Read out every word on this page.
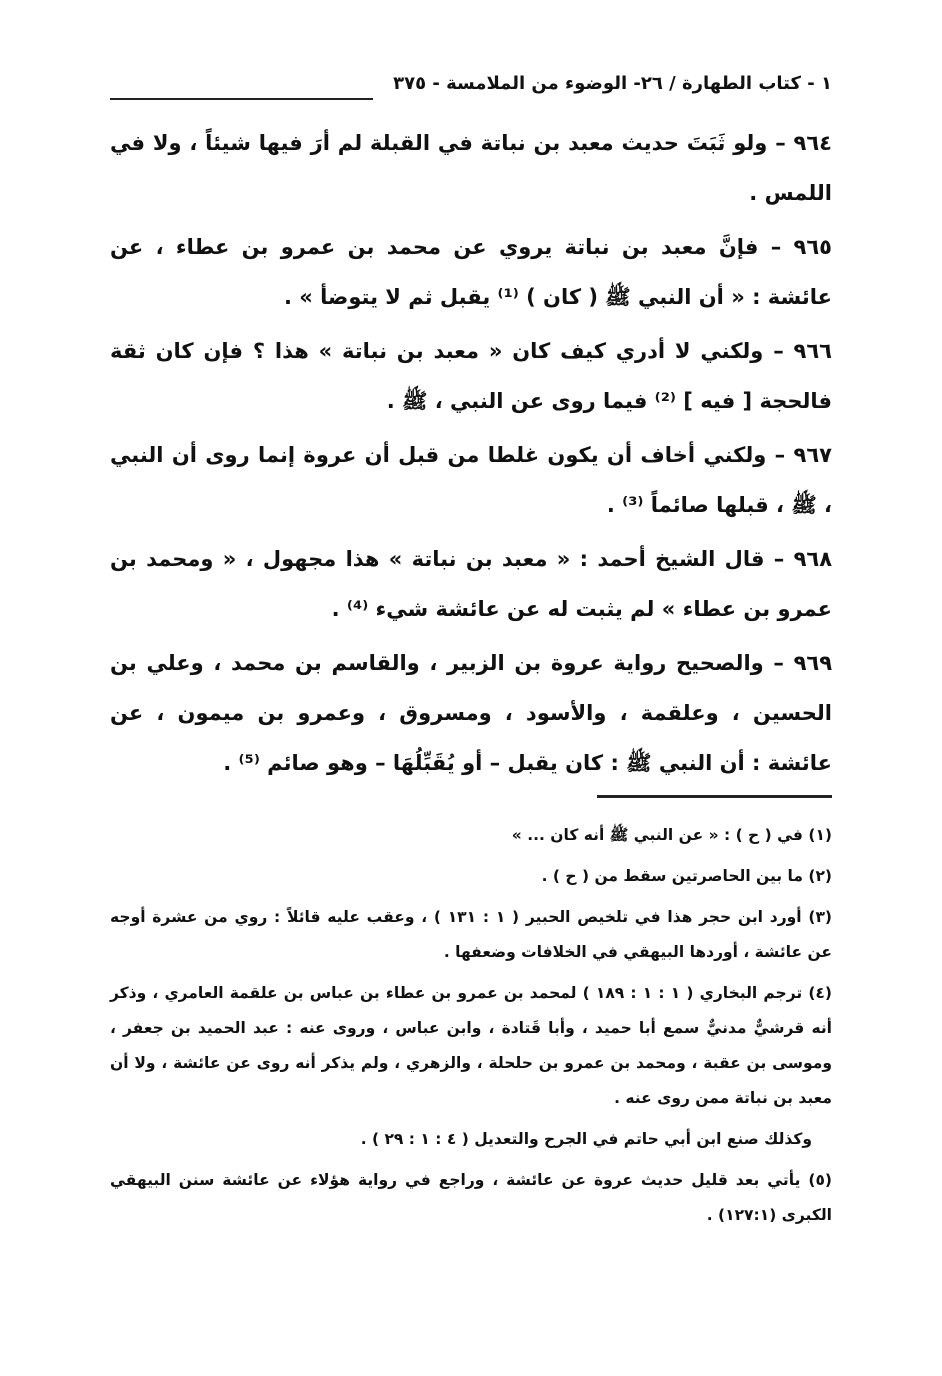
١ - كتاب الطهارة / ٢٦- الوضوء من الملامسة - ٣٧٥

٩٦٤ – ولو ثَبَتَ حديث معبد بن نباتة في القبلة لم أرَ فيها شيئاً ، ولا في اللمس .

٩٦٥ – فإنَّ معبد بن نباتة يروي عن محمد بن عمرو بن عطاء ، عن عائشة : « أن النبي ﷺ ( كان ) ⁽¹⁾ يقبل ثم لا يتوضأ » .

٩٦٦ – ولكني لا أدري كيف كان « معبد بن نباتة » هذا ؟ فإن كان ثقة فالحجة [ فيه ] ⁽²⁾ فيما روى عن النبي ، ﷺ .

٩٦٧ – ولكني أخاف أن يكون غلطا من قبل أن عروة إنما روى أن النبي ، ﷺ ، قبلها صائماً ⁽³⁾ .

٩٦٨ – قال الشيخ أحمد : « معبد بن نباتة » هذا مجهول ، « ومحمد بن عمرو بن عطاء » لم يثبت له عن عائشة شيء ⁽⁴⁾ .

٩٦٩ – والصحيح رواية عروة بن الزبير ، والقاسم بن محمد ، وعلي بن الحسين ، وعلقمة ، والأسود ، ومسروق ، وعمرو بن ميمون ، عن عائشة : أن النبي ﷺ : كان يقبل – أو يُقَبِّلُهَا – وهو صائم ⁽⁵⁾ .

(١) في ( ح ) : « عن النبي ﷺ أنه كان ... »

(٢) ما بين الحاصرتين سقط من ( ح ) .

(٣) أورد ابن حجر هذا في تلخيص الحبير ( ١ : ١٣١ ) ، وعقب عليه قائلاً : روي من عشرة أوجه عن عائشة ، أوردها البيهقي في الخلافات وضعفها .

(٤) ترجم البخاري ( ١ : ١ : ١٨٩ ) لمحمد بن عمرو بن عطاء بن عباس بن علقمة العامري ، وذكر أنه قرشيٌّ مدنيٌّ سمع أبا حميد ، وأبا قَتادة ، وابن عباس ، وروى عنه : عبد الحميد بن جعفر ، وموسى بن عقبة ، ومحمد بن عمرو بن حلحلة ، والزهري ، ولم يذكر أنه روى عن عائشة ، ولا أن معبد بن نباتة ممن روى عنه .

وكذلك صنع ابن أبي حاتم في الجرح والتعديل ( ٤ : ١ : ٢٩ ) .

(٥) يأتي بعد قليل حديث عروة عن عائشة ، وراجع في رواية هؤلاء عن عائشة سنن البيهقي الكبرى (١٢٧:١) .
